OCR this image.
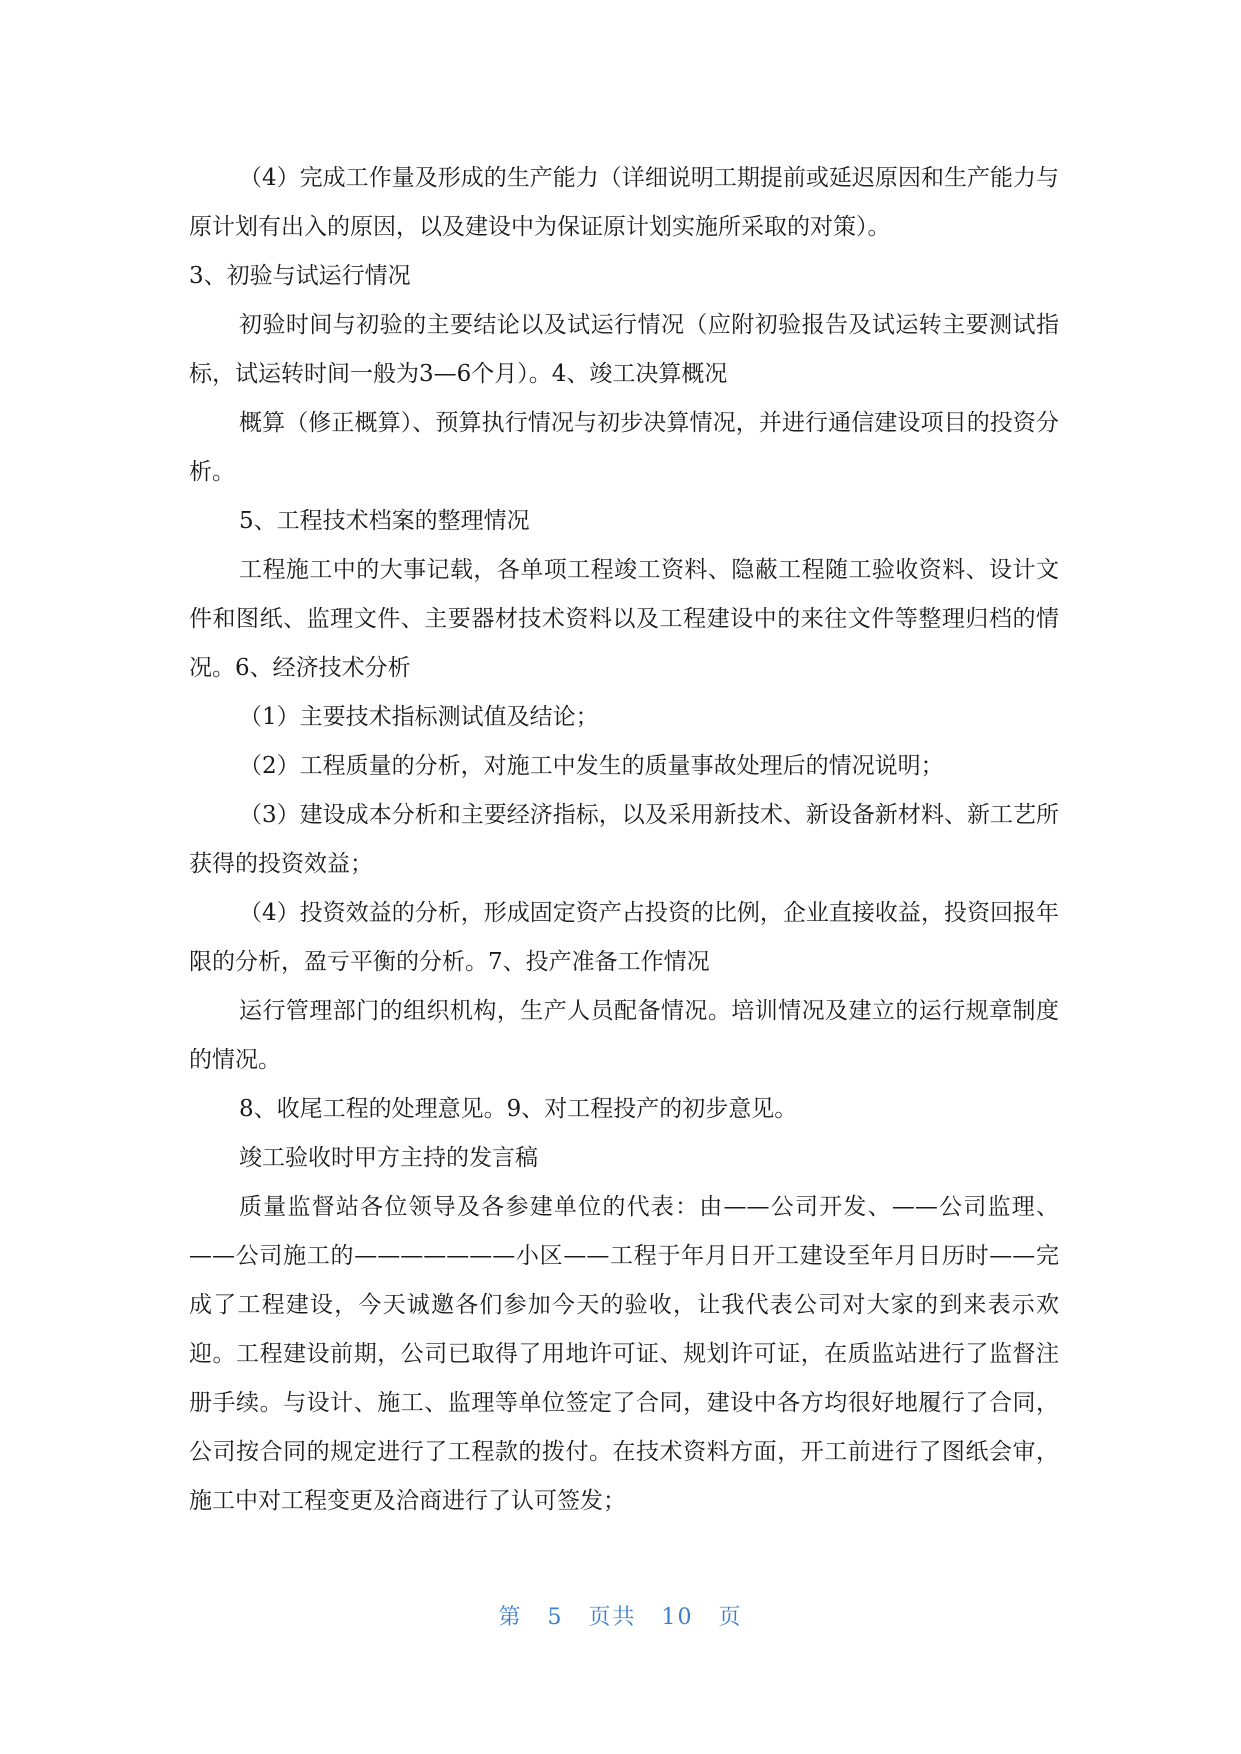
（4）完成工作量及形成的生产能力（详细说明工期提前或延迟原因和生产能力与原计划有出入的原因，以及建设中为保证原计划实施所采取的对策）。

3、初验与试运行情况

初验时间与初验的主要结论以及试运行情况（应附初验报告及试运转主要测试指标，试运转时间一般为3—6个月）。4、竣工决算概况

概算（修正概算）、预算执行情况与初步决算情况，并进行通信建设项目的投资分析。

5、工程技术档案的整理情况

工程施工中的大事记载，各单项工程竣工资料、隐蔽工程随工验收资料、设计文件和图纸、监理文件、主要器材技术资料以及工程建设中的来往文件等整理归档的情况。6、经济技术分析

（1）主要技术指标测试值及结论；

（2）工程质量的分析，对施工中发生的质量事故处理后的情况说明；

（3）建设成本分析和主要经济指标，以及采用新技术、新设备新材料、新工艺所获得的投资效益；

（4）投资效益的分析，形成固定资产占投资的比例，企业直接收益，投资回报年限的分析，盈亏平衡的分析。7、投产准备工作情况

运行管理部门的组织机构，生产人员配备情况。培训情况及建立的运行规章制度的情况。

8、收尾工程的处理意见。9、对工程投产的初步意见。

竣工验收时甲方主持的发言稿

质量监督站各位领导及各参建单位的代表：由——公司开发、——公司监理、——公司施工的———————小区——工程于年月日开工建设至年月日历时——完成了工程建设，今天诚邀各们参加今天的验收，让我代表公司对大家的到来表示欢迎。工程建设前期，公司已取得了用地许可证、规划许可证，在质监站进行了监督注册手续。与设计、施工、监理等单位签定了合同，建设中各方均很好地履行了合同，公司按合同的规定进行了工程款的拨付。在技术资料方面，开工前进行了图纸会审，施工中对工程变更及洽商进行了认可签发；

第 5 页共 10 页
